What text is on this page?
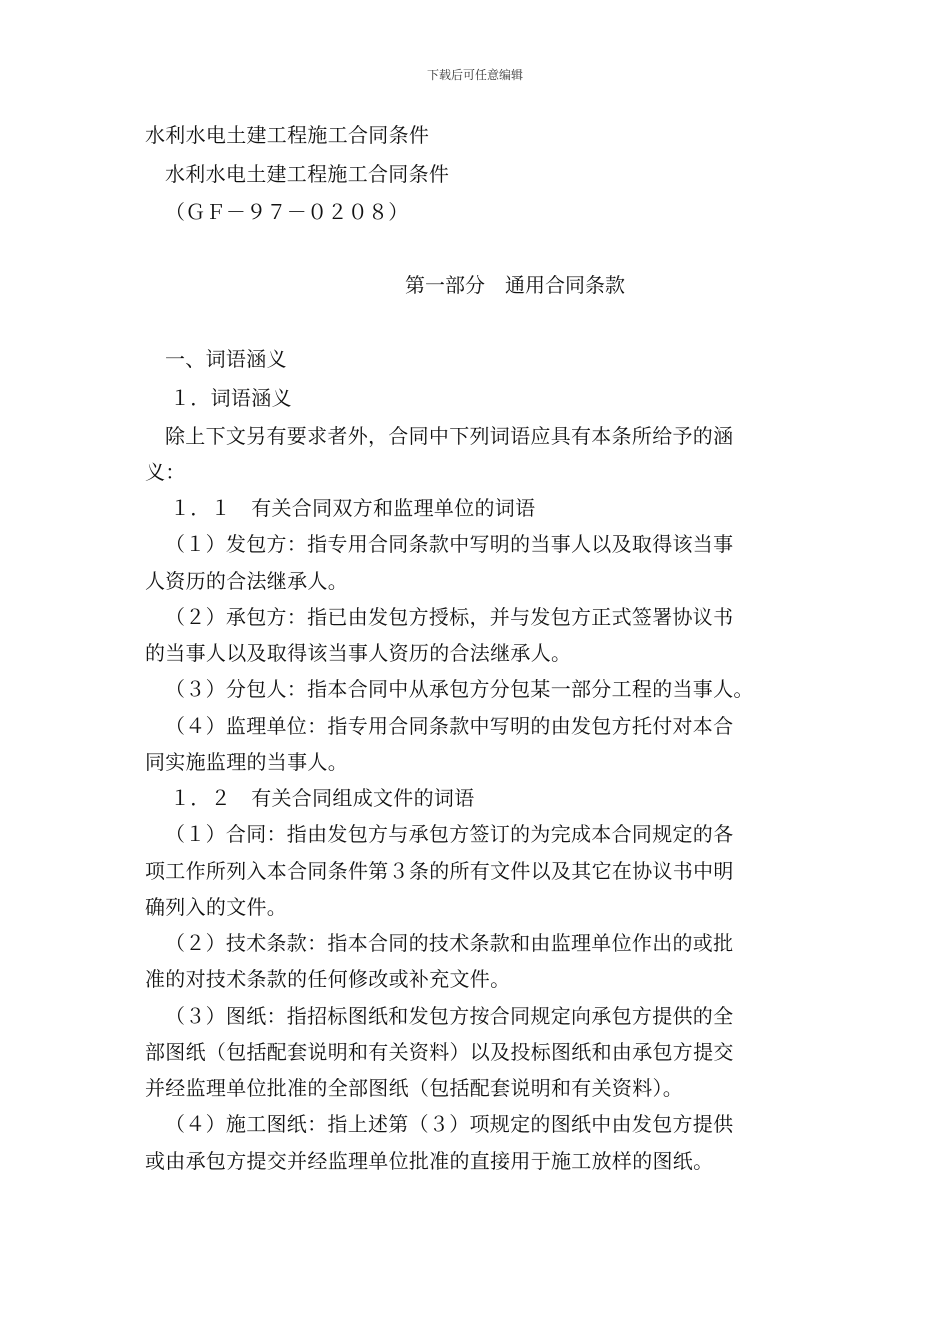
下载后可任意编辑
水利水电土建工程施工合同条件
水利水电土建工程施工合同条件
（ＧＦ－９７－０２０８）
第一部分　通用合同条款
一、词语涵义
１．词语涵义
除上下文另有要求者外，合同中下列词语应具有本条所给予的涵
义：
１．１　有关合同双方和监理单位的词语
（１）发包方：指专用合同条款中写明的当事人以及取得该当事
人资历的合法继承人。
（２）承包方：指已由发包方授标，并与发包方正式签署协议书
的当事人以及取得该当事人资历的合法继承人。
（３）分包人：指本合同中从承包方分包某一部分工程的当事人。
（４）监理单位：指专用合同条款中写明的由发包方托付对本合
同实施监理的当事人。
１．２　有关合同组成文件的词语
（１）合同：指由发包方与承包方签订的为完成本合同规定的各
项工作所列入本合同条件第３条的所有文件以及其它在协议书中明
确列入的文件。
（２）技术条款：指本合同的技术条款和由监理单位作出的或批
准的对技术条款的任何修改或补充文件。
（３）图纸：指招标图纸和发包方按合同规定向承包方提供的全
部图纸（包括配套说明和有关资料）以及投标图纸和由承包方提交
并经监理单位批准的全部图纸（包括配套说明和有关资料）。
（４）施工图纸：指上述第（３）项规定的图纸中由发包方提供
或由承包方提交并经监理单位批准的直接用于施工放样的图纸。
